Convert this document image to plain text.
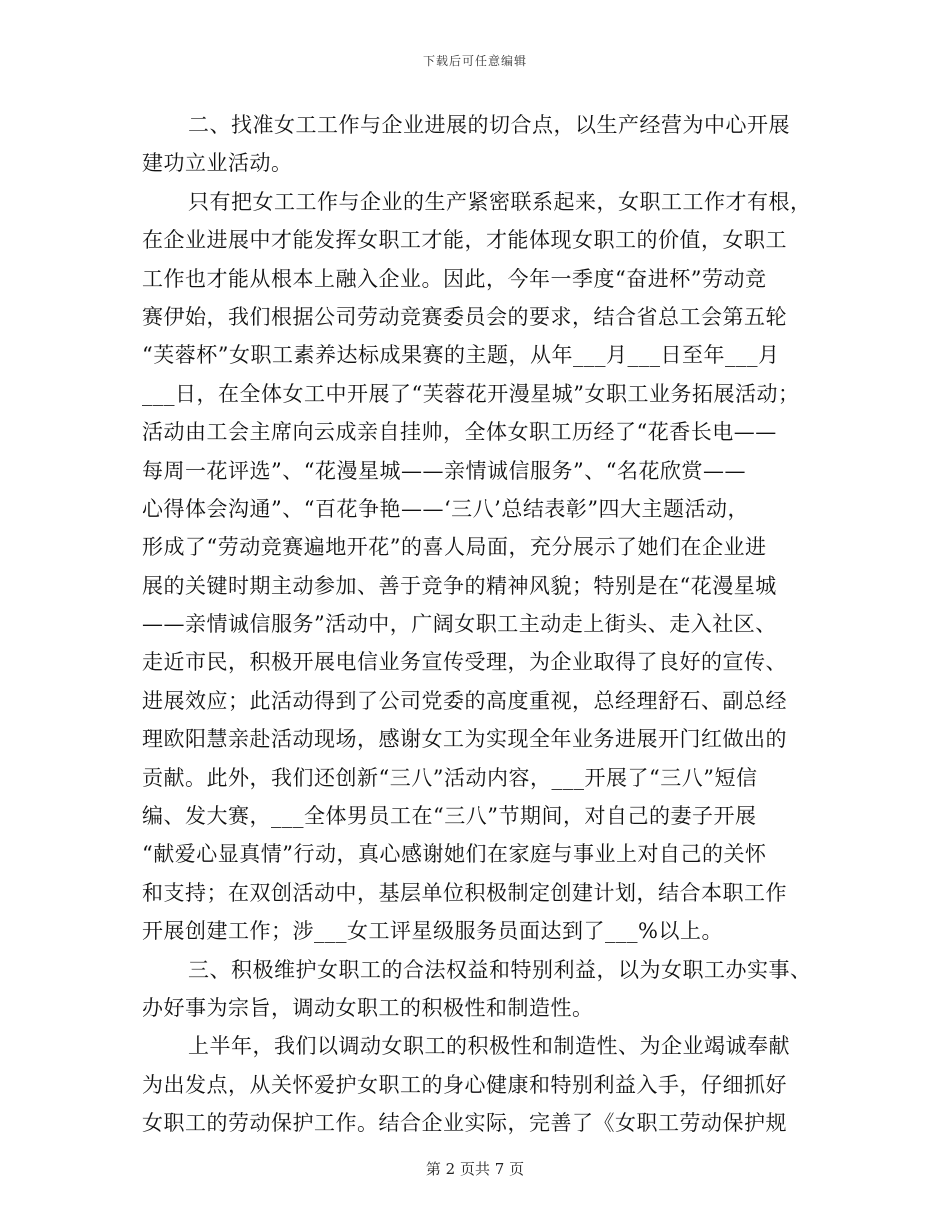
下载后可任意编辑
二、找准女工工作与企业进展的切合点，以生产经营为中心开展
建功立业活动。
只有把女工工作与企业的生产紧密联系起来，女职工工作才有根，
在企业进展中才能发挥女职工才能，才能体现女职工的价值，女职工
工作也才能从根本上融入企业。因此，今年一季度“奋进杯”劳动竞
赛伊始，我们根据公司劳动竞赛委员会的要求，结合省总工会第五轮
“芙蓉杯”女职工素养达标成果赛的主题，从年___月___日至年___月
___日，在全体女工中开展了“芙蓉花开漫星城”女职工业务拓展活动；
活动由工会主席向云成亲自挂帅，全体女职工历经了“花香长电——
每周一花评选”、“花漫星城——亲情诚信服务”、“名花欣赏——
心得体会沟通”、“百花争艳——‘三八’总结表彰”四大主题活动，
形成了“劳动竞赛遍地开花”的喜人局面，充分展示了她们在企业进
展的关键时期主动参加、善于竞争的精神风貌；特别是在“花漫星城
——亲情诚信服务”活动中，广阔女职工主动走上街头、走入社区、
走近市民，积极开展电信业务宣传受理，为企业取得了良好的宣传、
进展效应；此活动得到了公司党委的高度重视，总经理舒石、副总经
理欧阳慧亲赴活动现场，感谢女工为实现全年业务进展开门红做出的
贡献。此外，我们还创新“三八”活动内容，___开展了“三八”短信
编、发大赛，___全体男员工在“三八”节期间，对自己的妻子开展
“献爱心显真情”行动，真心感谢她们在家庭与事业上对自己的关怀
和支持；在双创活动中，基层单位积极制定创建计划，结合本职工作
开展创建工作；涉___女工评星级服务员面达到了___%以上。
三、积极维护女职工的合法权益和特别利益，以为女职工办实事、
办好事为宗旨，调动女职工的积极性和制造性。
上半年，我们以调动女职工的积极性和制造性、为企业竭诚奉献
为出发点，从关怀爱护女职工的身心健康和特别利益入手，仔细抓好
女职工的劳动保护工作。结合企业实际，完善了《女职工劳动保护规
第 2 页共 7 页
